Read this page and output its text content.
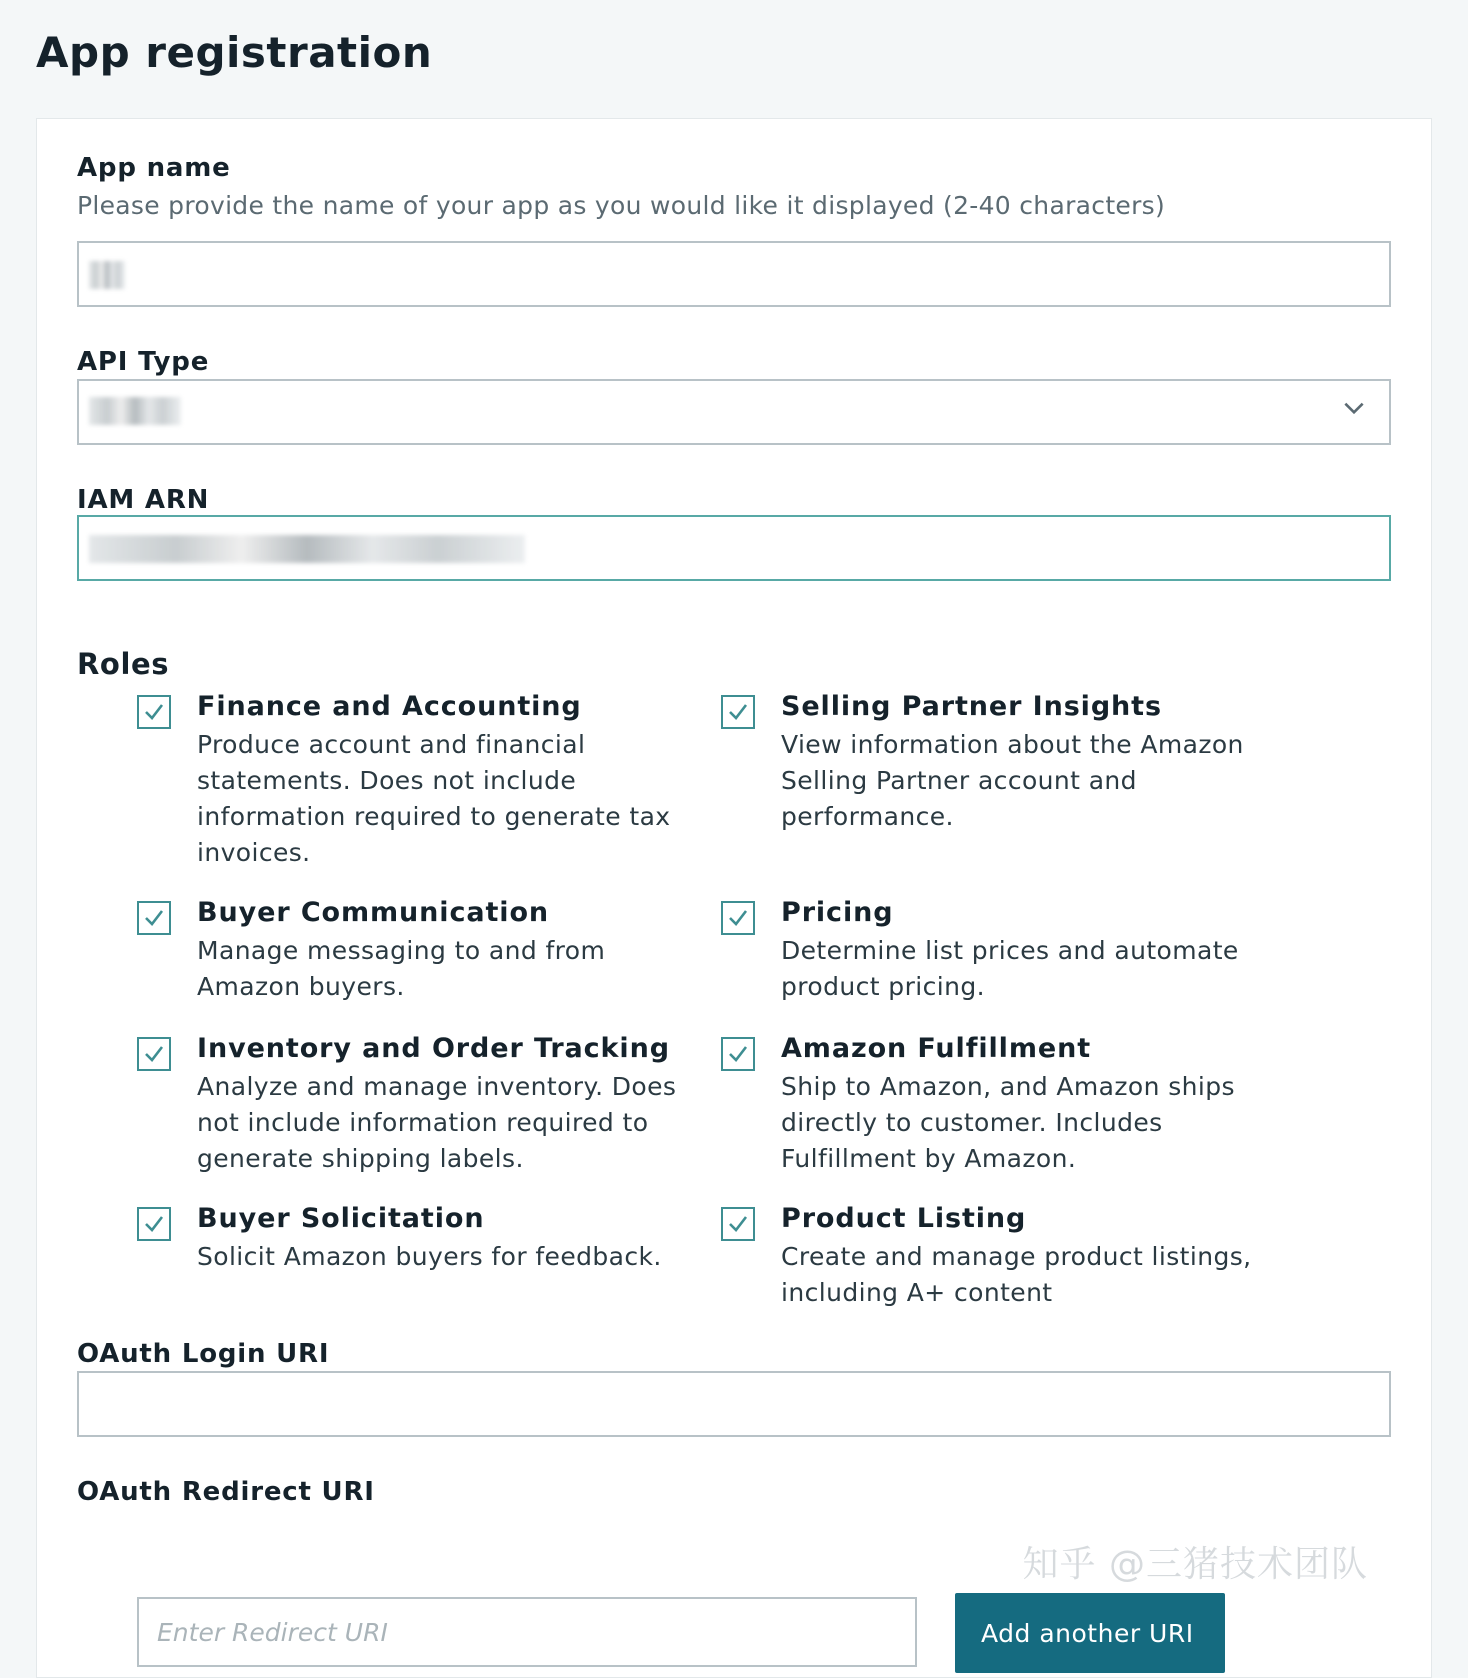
App registration
App name
Please provide the name of your app as you would like it displayed (2-40 characters)
API Type
IAM ARN
Roles
Finance and Accounting
Produce account and financial statements. Does not include information required to generate tax invoices.
Selling Partner Insights
View information about the Amazon Selling Partner account and performance.
Buyer Communication
Manage messaging to and from Amazon buyers.
Pricing
Determine list prices and automate product pricing.
Inventory and Order Tracking
Analyze and manage inventory. Does not include information required to generate shipping labels.
Amazon Fulfillment
Ship to Amazon, and Amazon ships directly to customer. Includes Fulfillment by Amazon.
Buyer Solicitation
Solicit Amazon buyers for feedback.
Product Listing
Create and manage product listings, including A+ content
OAuth Login URI
OAuth Redirect URI
Enter Redirect URI
Add another URI
知乎 @三猪技术团队
